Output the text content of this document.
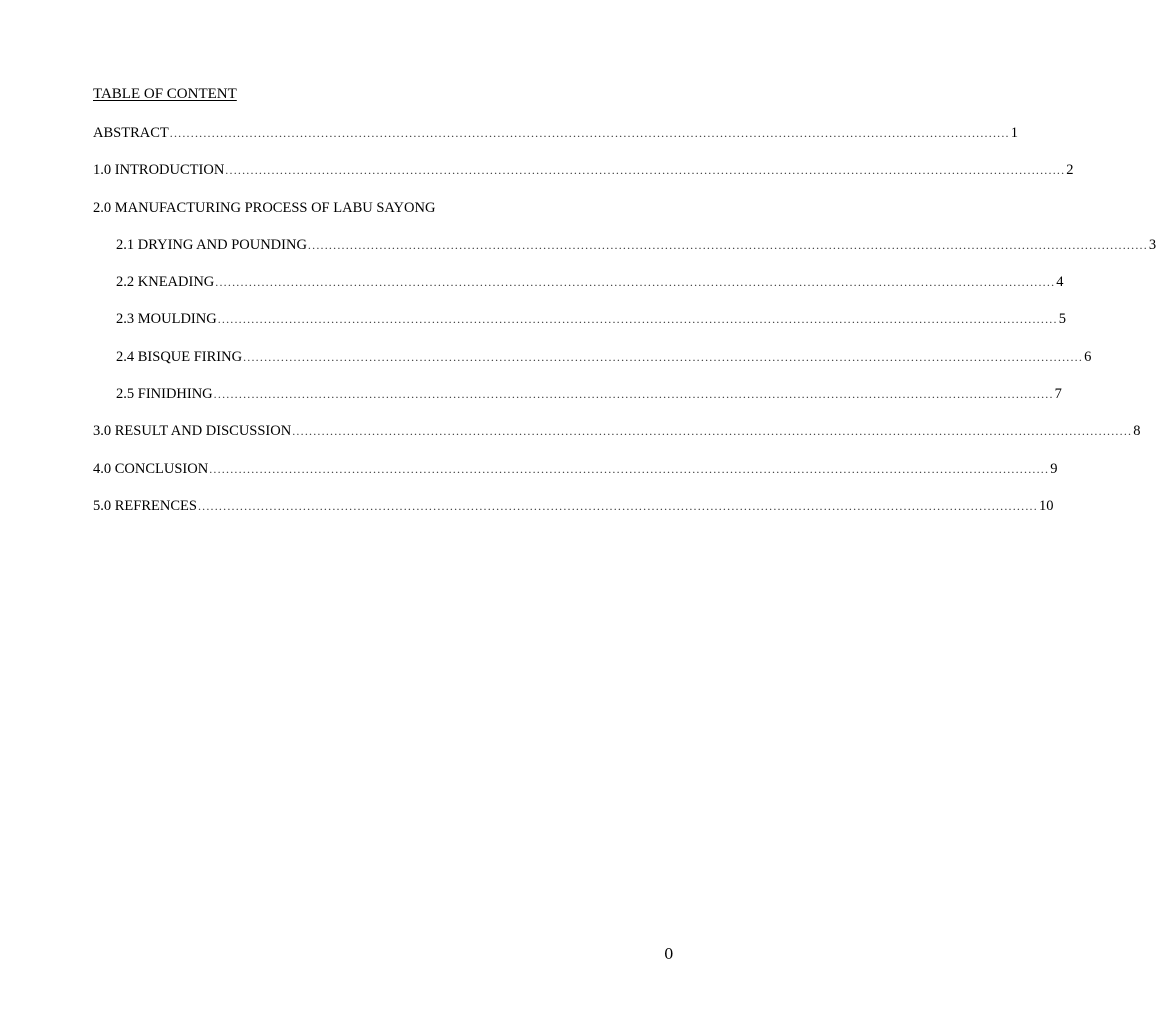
TABLE OF CONTENT
ABSTRACT ........................................................................................................................................................................................................ 1
1.0 INTRODUCTION ........................................................................................................................................................................................................ 2
2.0 MANUFACTURING PROCESS OF LABU SAYONG
2.1 DRYING AND POUNDING ........................................................................................................................................................................................................ 3
2.2 KNEADING ........................................................................................................................................................................................................ 4
2.3 MOULDING ........................................................................................................................................................................................................ 5
2.4 BISQUE FIRING ........................................................................................................................................................................................................ 6
2.5 FINIDHING ........................................................................................................................................................................................................ 7
3.0 RESULT AND DISCUSSION ........................................................................................................................................................................................................ 8
4.0 CONCLUSION ........................................................................................................................................................................................................ 9
5.0 REFRENCES ........................................................................................................................................................................................................ 10
0
